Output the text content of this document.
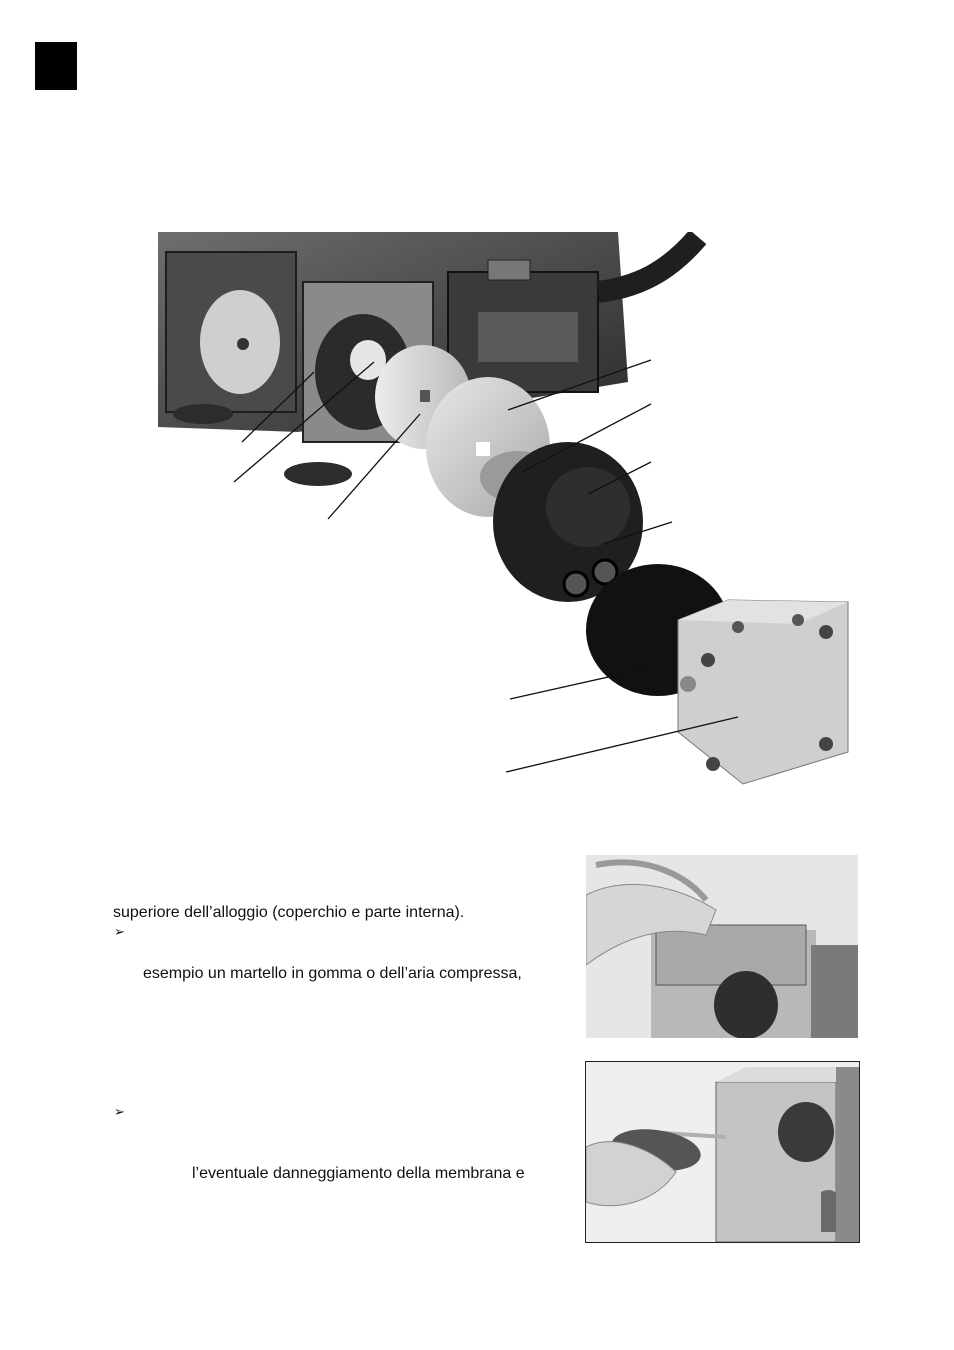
superiore dell’alloggio (coperchio e parte interna).
➢
esempio un martello in gomma o dell’aria compressa,
➢
l’eventuale danneggiamento della membrana e
